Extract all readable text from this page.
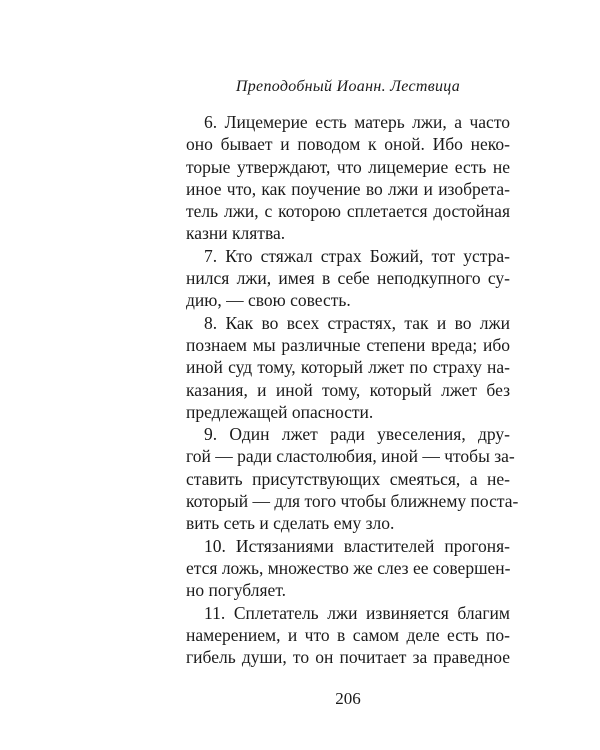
Преподобный Иоанн. Лествица
6. Лицемерие есть матерь лжи, а часто
оно бывает и поводом к оной. Ибо неко-
торые утверждают, что лицемерие есть не
иное что, как поучение во лжи и изобрета-
тель лжи, с которою сплетается достойная
казни клятва.
7. Кто стяжал страх Божий, тот устра-
нился лжи, имея в себе неподкупного су-
дию, — свою совесть.
8. Как во всех страстях, так и во лжи
познаем мы различные степени вреда; ибо
иной суд тому, который лжет по страху на-
казания, и иной тому, который лжет без
предлежащей опасности.
9. Один лжет ради увеселения, дру-
гой — ради сластолюбия, иной — чтобы за-
ставить присутствующих смеяться, а не-
который — для того чтобы ближнему поста-
вить сеть и сделать ему зло.
10. Истязаниями властителей прогоня-
ется ложь, множество же слез ее совершен-
но погубляет.
11. Сплетатель лжи извиняется благим
намерением, и что в самом деле есть по-
гибель души, то он почитает за праведное
206
